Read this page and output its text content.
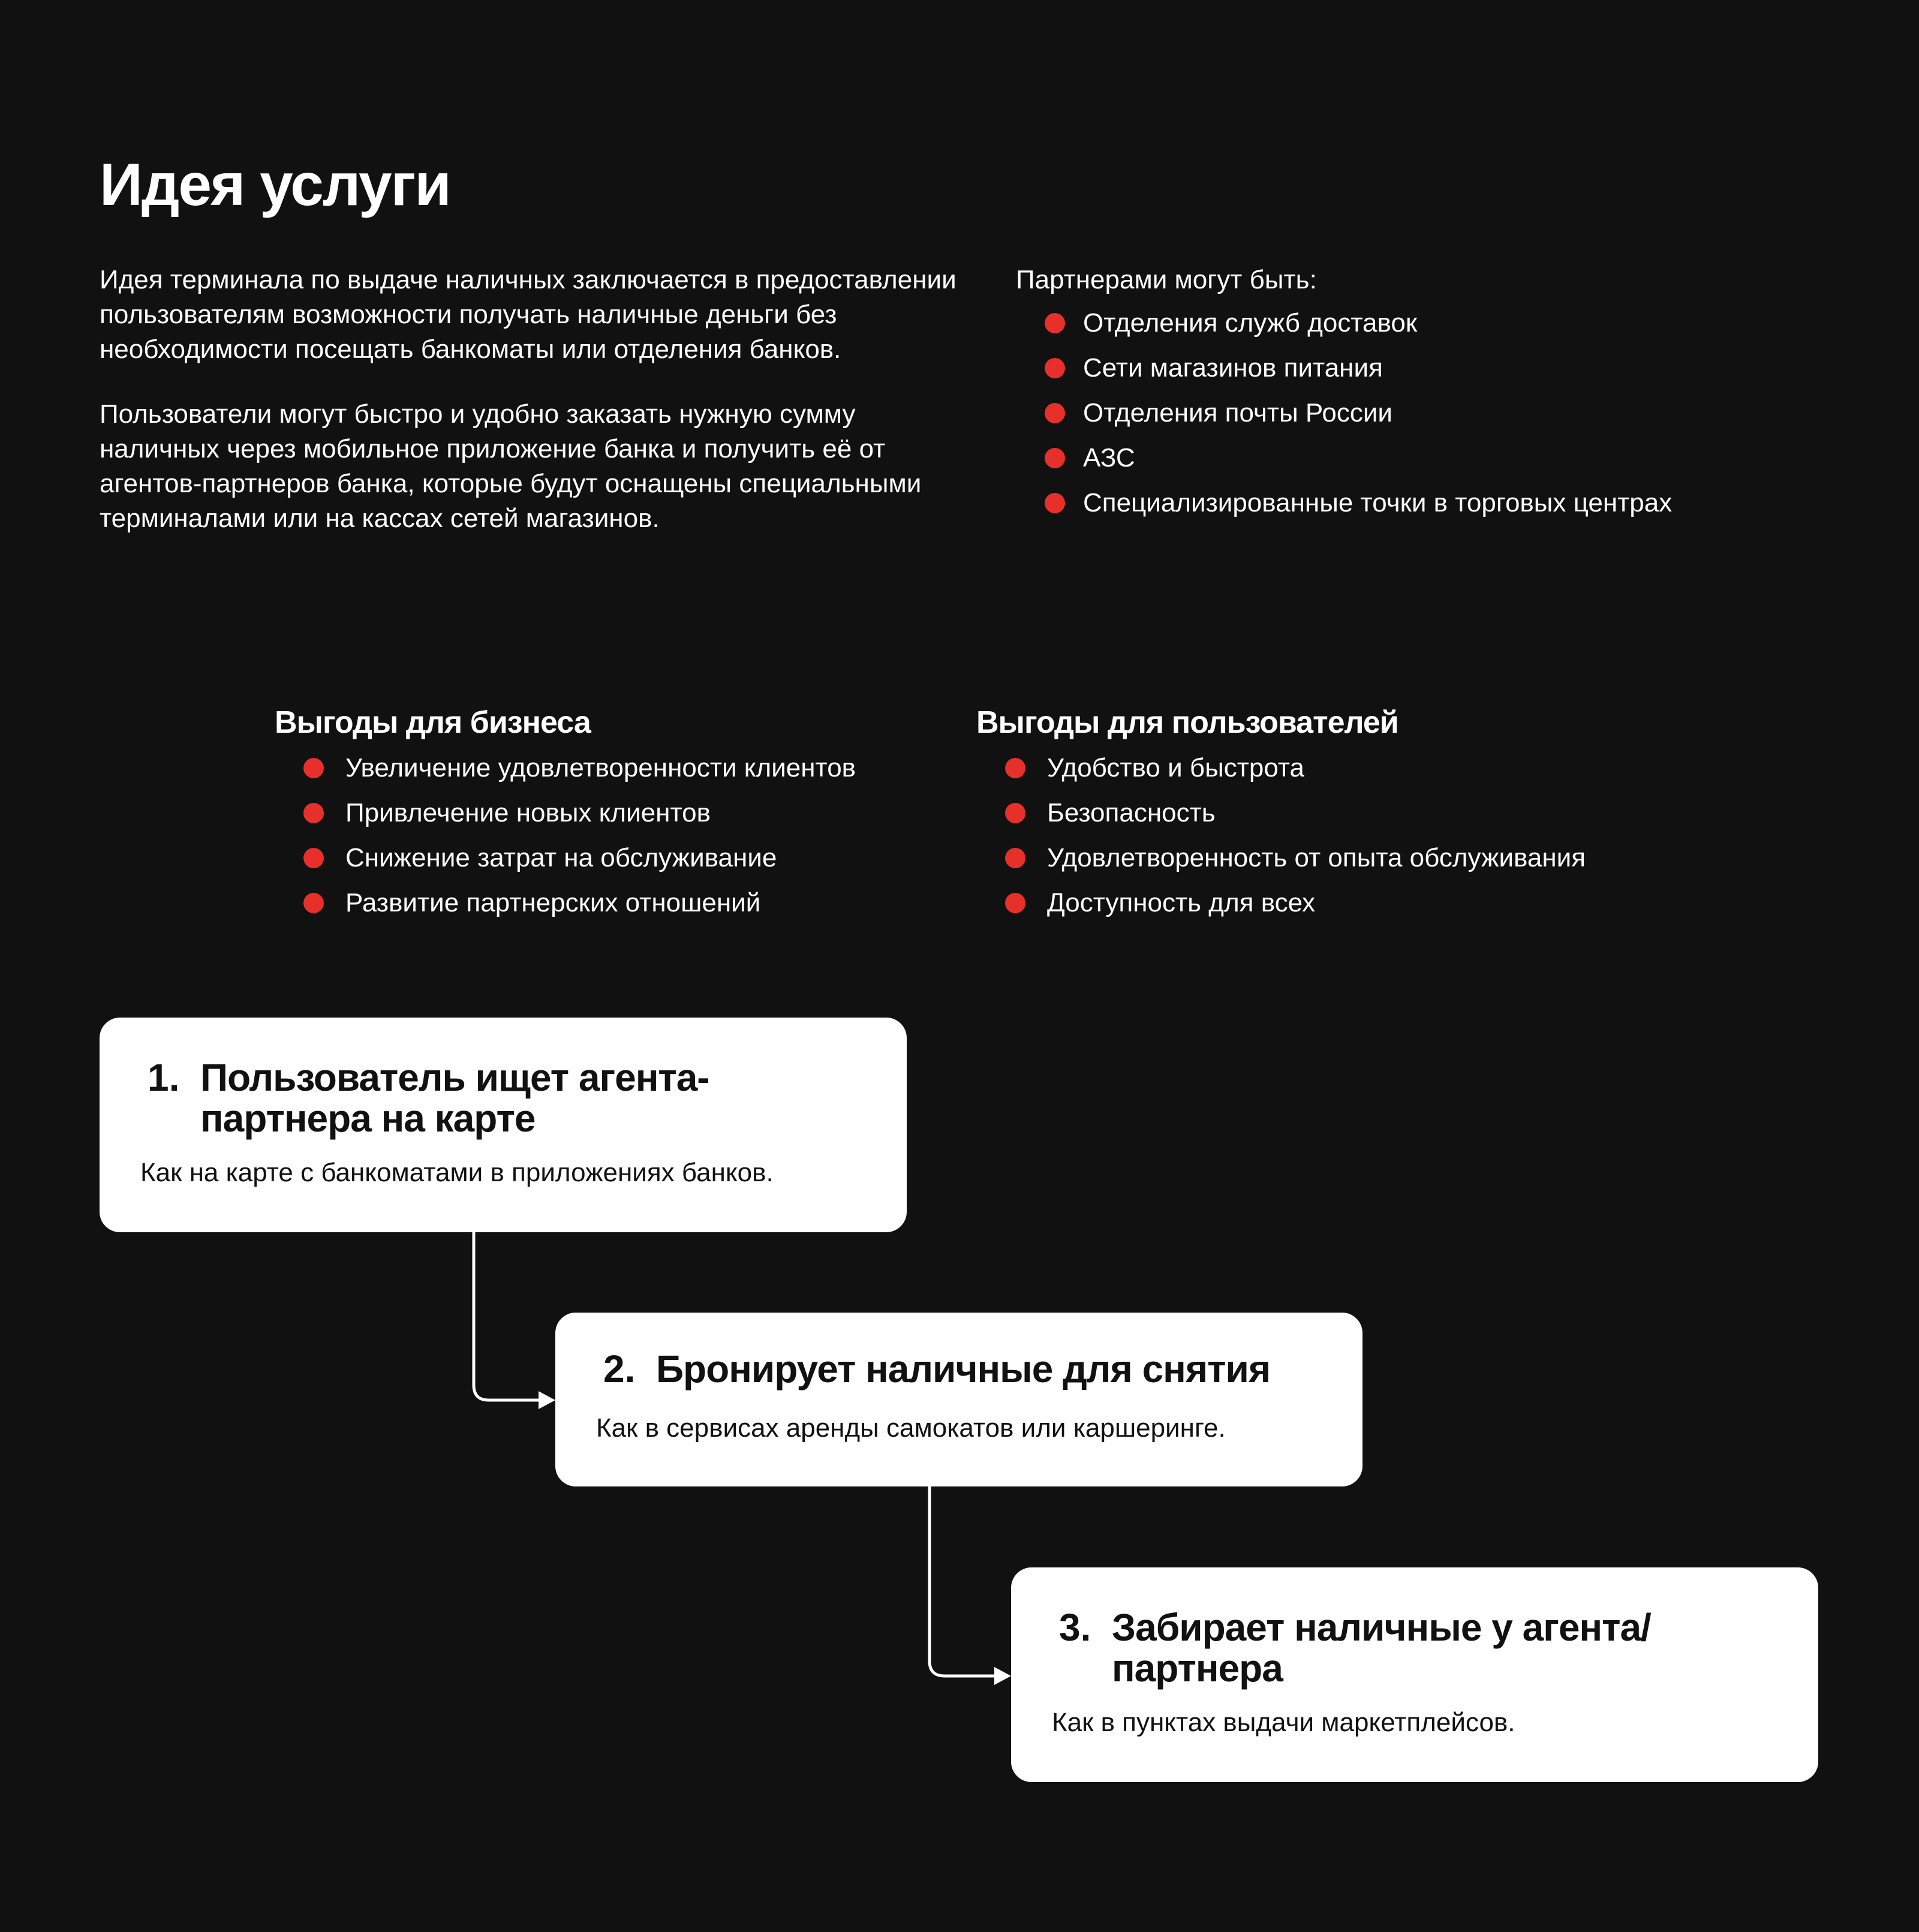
Идея услуги

Идея терминала по выдаче наличных заключается в предоставлении пользователям возможности получать наличные деньги без необходимости посещать банкоматы или отделения банков.

Пользователи могут быстро и удобно заказать нужную сумму наличных через мобильное приложение банка и получить её от агентов-партнеров банка, которые будут оснащены специальными терминалами или на кассах сетей магазинов.

Партнерами могут быть:
Отделения служб доставок
Сети магазинов питания
Отделения почты России
АЗС
Специализированные точки в торговых центрах
Выгоды для бизнеса
Увеличение удовлетворенности клиентов
Привлечение новых клиентов
Снижение затрат на обслуживание
Развитие партнерских отношений
Выгоды для пользователей
Удобство и быстрота
Безопасность
Удовлетворенность от опыта обслуживания
Доступность для всех
1. Пользователь ищет агента-партнера на карте
Как на карте с банкоматами в приложениях банков.
2. Бронирует наличные для снятия
Как в сервисах аренды самокатов или каршеринге.
3. Забирает наличные у агента/ партнера
Как в пунктах выдачи маркетплейсов.
